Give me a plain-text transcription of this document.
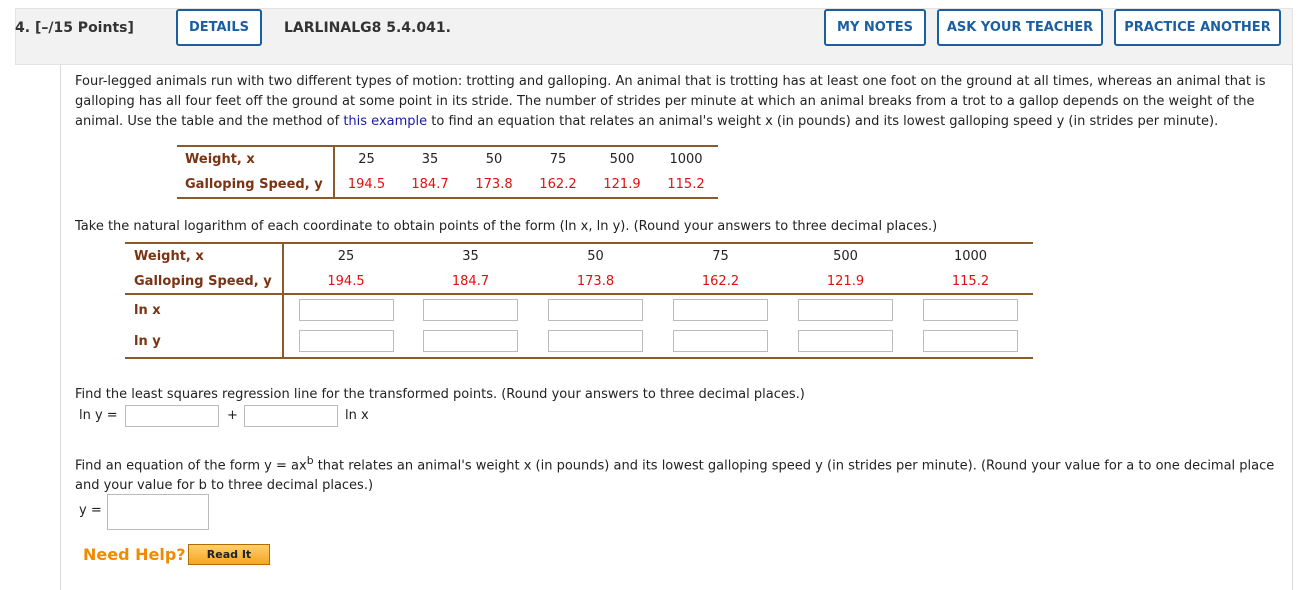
4. [–/15 Points]	DETAILS	LARLINALG8 5.4.041.	MY NOTES	ASK YOUR TEACHER	PRACTICE ANOTHER
Four-legged animals run with two different types of motion: trotting and galloping. An animal that is trotting has at least one foot on the ground at all times, whereas an animal that is galloping has all four feet off the ground at some point in its stride. The number of strides per minute at which an animal breaks from a trot to a gallop depends on the weight of the animal. Use the table and the method of this example to find an equation that relates an animal's weight x (in pounds) and its lowest galloping speed y (in strides per minute).
Weight, x	25	35	50	75	500	1000
Galloping Speed, y	194.5	184.7	173.8	162.2	121.9	115.2
Take the natural logarithm of each coordinate to obtain points of the form (ln x, ln y). (Round your answers to three decimal places.)
Weight, x	25	35	50	75	500	1000
Galloping Speed, y	194.5	184.7	173.8	162.2	121.9	115.2
ln x						
ln y						
Find the least squares regression line for the transformed points. (Round your answers to three decimal places.)
ln y =	+	ln x
Find an equation of the form $y = ax^b$ that relates an animal's weight x (in pounds) and its lowest galloping speed y (in strides per minute). (Round your value for a to one decimal place and your value for b to three decimal places.)
y =
Need Help?	Read It
